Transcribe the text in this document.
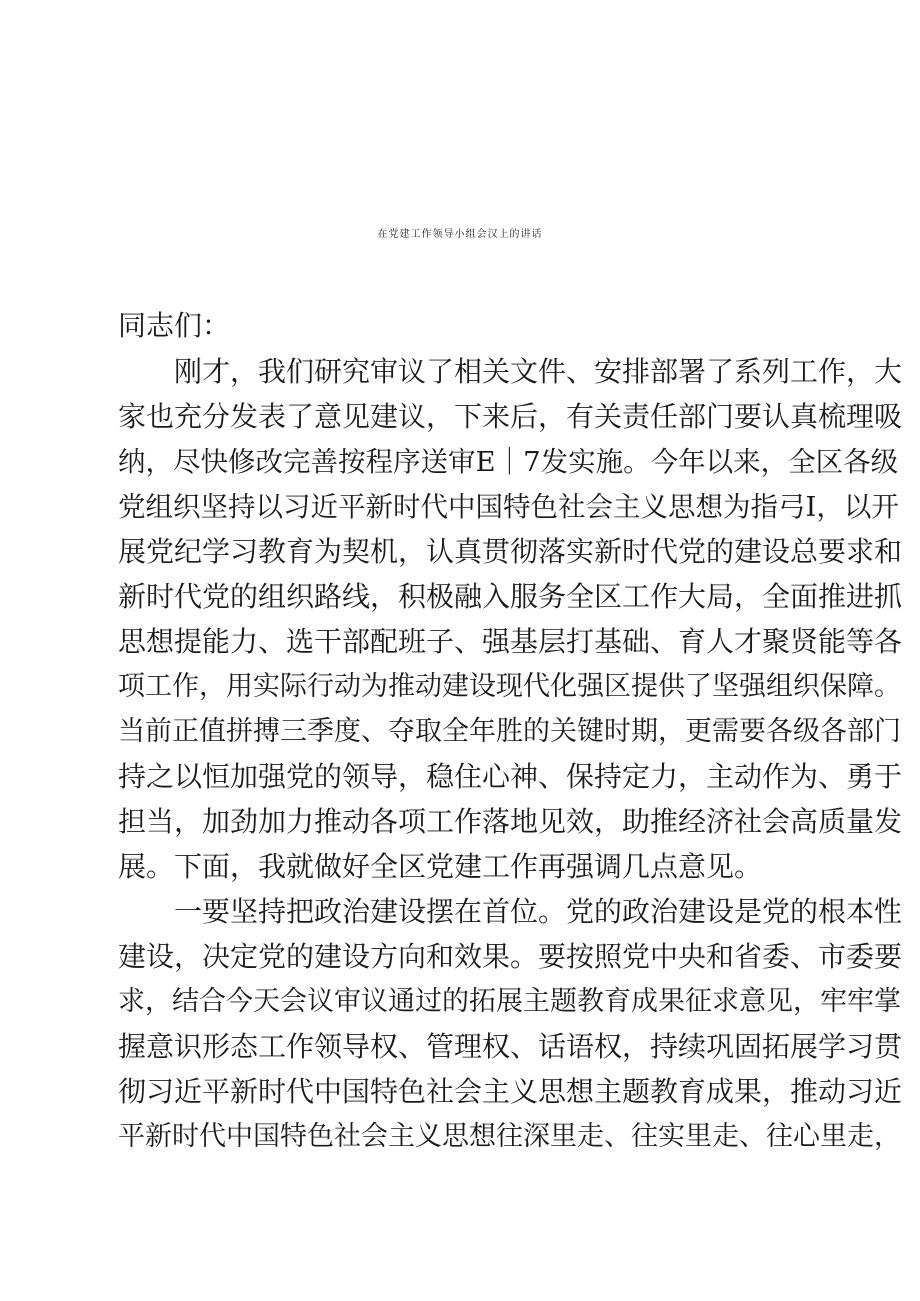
在党建工作领导小组会汉上的讲话

同志们：

刚才，我们研究审议了相关文件、安排部署了系列工作，大

家也充分发表了意见建议，下来后，有关责任部门要认真梳理吸

纳，尽快修改完善按程序送审E｜7发实施。今年以来，全区各级

党组织坚持以习近平新时代中国特色社会主义思想为指弓I，以开

展党纪学习教育为契机，认真贯彻落实新时代党的建设总要求和

新时代党的组织路线，积极融入服务全区工作大局，全面推进抓

思想提能力、选干部配班子、强基层打基础、育人才聚贤能等各

项工作，用实际行动为推动建设现代化强区提供了坚强组织保障。

当前正值拼搏三季度、夺取全年胜的关键时期，更需要各级各部门

持之以恒加强党的领导，稳住心神、保持定力，主动作为、勇于

担当，加劲加力推动各项工作落地见效，助推经济社会高质量发

展。下面，我就做好全区党建工作再强调几点意见。

一要坚持把政治建设摆在首位。党的政治建设是党的根本性

建设，决定党的建设方向和效果。要按照党中央和省委、市委要

求，结合今天会议审议通过的拓展主题教育成果征求意见，牢牢掌

握意识形态工作领导权、管理权、话语权，持续巩固拓展学习贯

彻习近平新时代中国特色社会主义思想主题教育成果，推动习近

平新时代中国特色社会主义思想往深里走、往实里走、往心里走，
